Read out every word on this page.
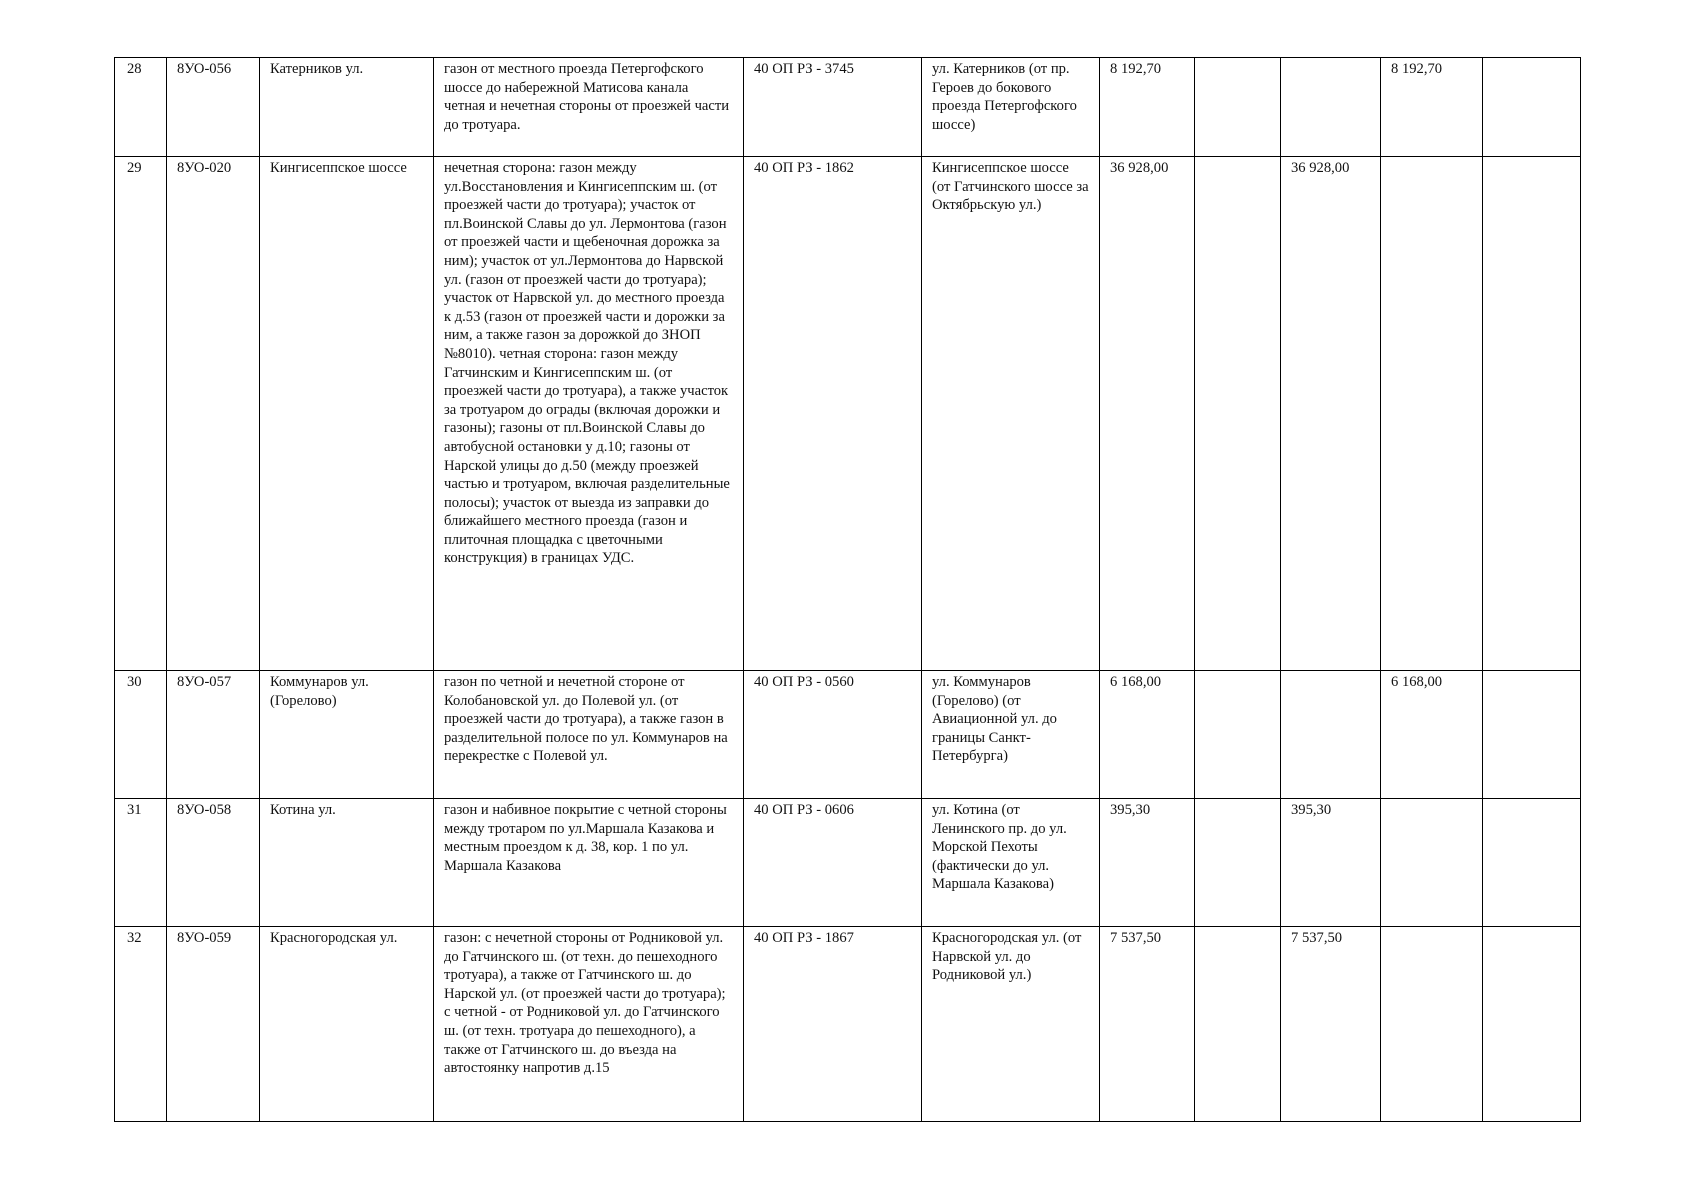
28	8УО-056	Катерников ул.	газон от местного проезда Петергофского шоссе до набережной Матисова канала четная и нечетная стороны от проезжей части до тротуара.	40 ОП РЗ - 3745	ул. Катерников (от пр. Героев до бокового проезда Петергофского шоссе)	8 192,70			8 192,70	
29	8УО-020	Кингисеппское шоссе	нечетная сторона: газон между ул.Восстановления и Кингисеппским ш. (от проезжей части до тротуара); участок от пл.Воинской Славы до ул. Лермонтова (газон от проезжей части и щебеночная дорожка за ним); участок от ул.Лермонтова до Нарвской ул. (газон от проезжей части до тротуара); участок от Нарвской ул. до местного проезда к д.53 (газон от проезжей части и дорожки за ним, а также газон за дорожкой до ЗНОП №8010). четная сторона: газон между Гатчинским и Кингисеппским ш. (от проезжей части до тротуара), а также участок за тротуаром до ограды (включая дорожки и газоны); газоны от пл.Воинской Славы до автобусной остановки у д.10; газоны от Нарской улицы до д.50 (между проезжей частью и тротуаром, включая разделительные полосы); участок от выезда из заправки до ближайшего местного проезда (газон и плиточная площадка с цветочными конструкция) в границах УДС.	40 ОП РЗ - 1862	Кингисеппское шоссе (от Гатчинского шоссе за Октябрьскую ул.)	36 928,00		36 928,00		
30	8УО-057	Коммунаров ул.(Горелово)	газон по четной и нечетной стороне от Колобановской ул. до Полевой ул. (от проезжей части до тротуара), а также газон в разделительной полосе по ул. Коммунаров на перекрестке с Полевой ул.	40 ОП РЗ - 0560	ул. Коммунаров (Горелово) (от Авиационной ул. до границы Санкт-Петербурга)	6 168,00			6 168,00	
31	8УО-058	Котина ул.	газон и набивное покрытие с четной стороны между тротаром по ул.Маршала Казакова и местным проездом к д. 38, кор. 1 по ул. Маршала Казакова	40 ОП РЗ - 0606	ул. Котина (от Ленинского пр. до ул. Морской Пехоты (фактически до ул. Маршала Казакова)	395,30		395,30		
32	8УО-059	Красногородская ул.	газон: с нечетной стороны от Родниковой ул. до Гатчинского ш. (от техн. до пешеходного тротуара), а также от Гатчинского ш. до Нарской ул. (от проезжей части до тротуара); с четной - от Родниковой ул. до Гатчинского ш. (от техн. тротуара до пешеходного), а также от Гатчинского ш. до въезда на автостоянку напротив д.15	40 ОП РЗ - 1867	Красногородская ул. (от Нарвской ул. до Родниковой ул.)	7 537,50		7 537,50		
